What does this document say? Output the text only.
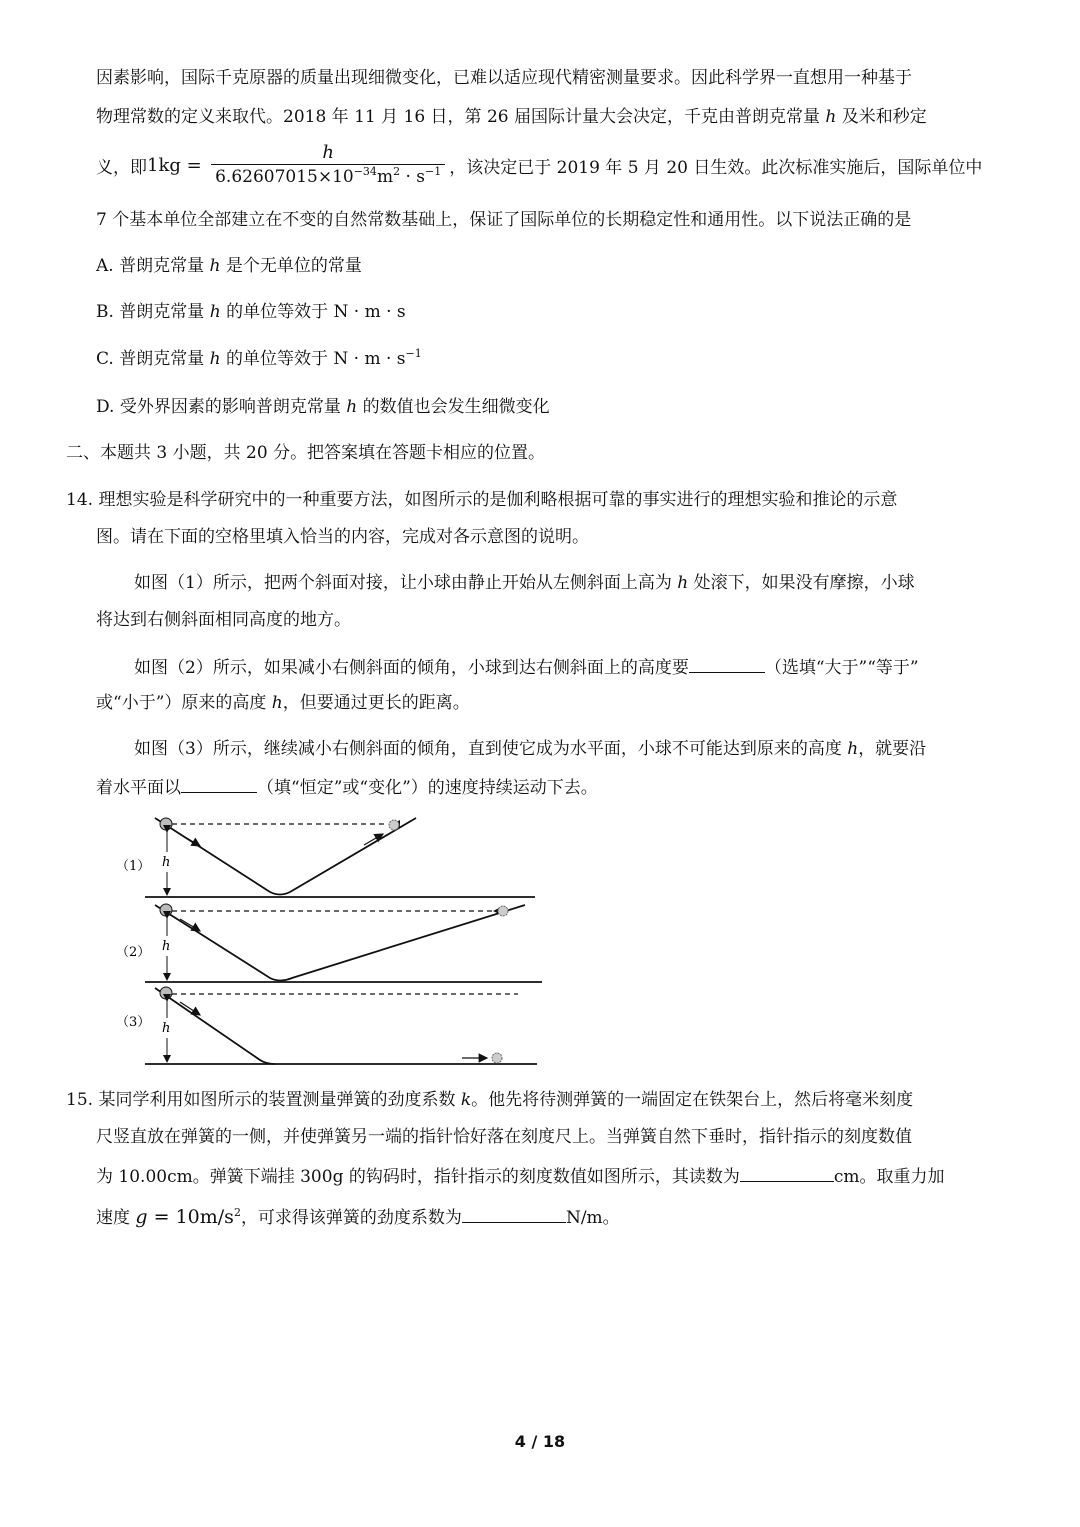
因素影响，国际千克原器的质量出现细微变化，已难以适应现代精密测量要求。因此科学界一直想用一种基于
物理常数的定义来取代。2018 年 11 月 16 日，第 26 届国际计量大会决定，千克由普朗克常量 h 及米和秒定
义，即$1kg = \frac{h}{6.62607015\times 10^{-34}m^2 \cdot s^{-1}}$ ，该决定已于 2019 年 5 月 20 日生效。此次标准实施后，国际单位中
7 个基本单位全部建立在不变的自然常数基础上，保证了国际单位的长期稳定性和通用性。以下说法正确的是
A. 普朗克常量 h 是个无单位的常量
B. 普朗克常量 h 的单位等效于 N · m · s
C. 普朗克常量 h 的单位等效于 $N \cdot m \cdot s^{-1}$
D. 受外界因素的影响普朗克常量 h 的数值也会发生细微变化
二、本题共 3 小题，共 20 分。把答案填在答题卡相应的位置。
14. 理想实验是科学研究中的一种重要方法，如图所示的是伽利略根据可靠的事实进行的理想实验和推论的示意
图。请在下面的空格里填入恰当的内容，完成对各示意图的说明。
如图（1）所示，把两个斜面对接，让小球由静止开始从左侧斜面上高为 h 处滚下，如果没有摩擦，小球
将达到右侧斜面相同高度的地方。
如图（2）所示，如果减小右侧斜面的倾角，小球到达右侧斜面上的高度要	（选填“大于”“等于”
或“小于”）原来的高度 h，但要通过更长的距离。
如图（3）所示，继续减小右侧斜面的倾角，直到使它成为水平面，小球不可能达到原来的高度 h，就要沿
着水平面以	（填“恒定”或“变化”）的速度持续运动下去。
（1） h
（2） h
（3） h
15. 某同学利用如图所示的装置测量弹簧的劲度系数 k。他先将待测弹簧的一端固定在铁架台上，然后将毫米刻度
尺竖直放在弹簧的一侧，并使弹簧另一端的指针恰好落在刻度尺上。当弹簧自然下垂时，指针指示的刻度数值
为 10.00cm。弹簧下端挂 300g 的钩码时，指针指示的刻度数值如图所示，其读数为	cm。取重力加
速度 $g = 10m/s^2$，可求得该弹簧的劲度系数为	N/m。
4 / 18
